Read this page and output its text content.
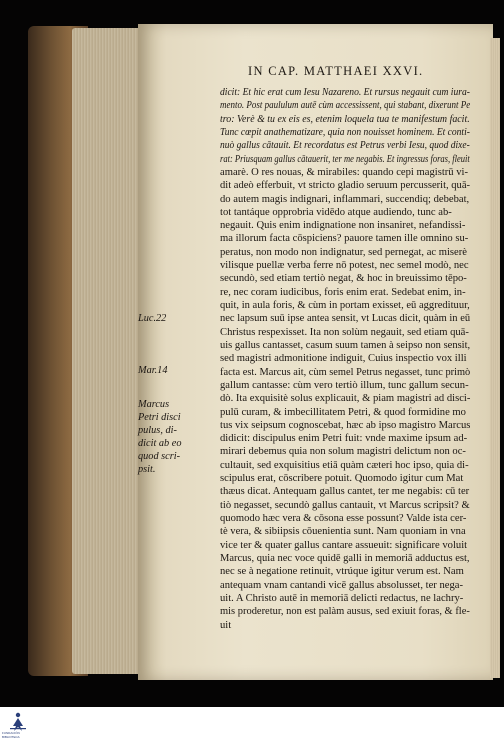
IN CAP. MATTHAEI XXVI.
dicit: Et hic erat cum Iesu Nazareno. Et rursus negauit cum iura-
mento. Post paululum autē cùm accessissent, qui stabant, dixerunt Pe
tro: Verè & tu ex eis es, etenim loquela tua te manifestum facit.
Tunc cœpit anathematizare, quia non nouisset hominem. Et conti-
nuò gallus cātauit. Et recordatus est Petrus verbi Iesu, quod dixe-
rat: Priusquam gallus cātauerit, ter me negabis. Et ingressus foras, fleuit
amarè. O res nouas, & mirabiles: quando cepi magistrū vi-
dit adeò efferbuit, vt stricto gladio seruum percusserit, quā-
do autem magis indignari, inflammari, succendiq; debebat,
tot tantáque opprobria vidēdo atque audiendo, tunc ab-
negauit. Quis enim indignatione non insaniret, nefandissi-
ma illorum facta cōspiciens? pauore tamen ille omnino su-
peratus, non modo non indignatur, sed pernegat, ac miserè
vilisque puellæ verba ferre nō potest, nec semel modò, nec
secundò, sed etiam tertiò negat, & hoc in breuissimo tēpo-
re, nec coram iudicibus, foris enim erat. Sedebat enim, in-
quit, in aula foris, & cùm in portam exisset, eū aggredituur,
nec lapsum suū ipse antea sensit, vt Lucas dicit, quàm in eū
Christus respexisset. Ita non solùm negauit, sed etiam quā-
uis gallus cantasset, casum suum tamen à seipso non sensit,
sed magistri admonitione indiguit, Cuius inspectio vox illi
facta est. Marcus ait, cùm semel Petrus negasset, tunc primò
gallum cantasse: cùm vero tertiò illum, tunc gallum secun-
dò. Ita exquisitè solus explicauit, & piam magistri ad disci-
pulū curam, & imbecillitatem Petri, & quod formidine mo
tus vix seipsum cognoscebat, hæc ab ipso magistro Marcus
didicit: discipulus enim Petri fuit: vnde maxime ipsum ad-
mirari debemus quia non solum magistri delictum non oc-
cultauit, sed exquisitius etiā quàm cæteri hoc ipso, quia di-
scipulus erat, cōscribere potuit. Quomodo igitur cum Mat
thæus dicat. Antequam gallus cantet, ter me negabis: cū ter
tiò negasset, secundò gallus cantauit, vt Marcus scripsit? &
quomodo hæc vera & cōsona esse possunt? Valde ista cer-
tè vera, & sibiipsis cōuenientia sunt. Nam quoniam in vna
vice ter & quater gallus cantare assueuit: significare voluit
Marcus, quia nec voce quidē galli in memoriā adductus est,
nec se à negatione retinuit, vtrúque igitur verum est. Nam
antequam vnam cantandi vicē gallus absolusset, ter nega-
uit. A Christo autē in memoriā delicti redactus, ne lachry-
mis proderetur, non est palàm ausus, sed exiuit foras, & fle-
uit
Luc.22
Mar.14
Marcus
Petri disci
pulus, di-
dicit ab eo
quod scri-
psit.
FUNDACIÓN
BIBLIOTECA
